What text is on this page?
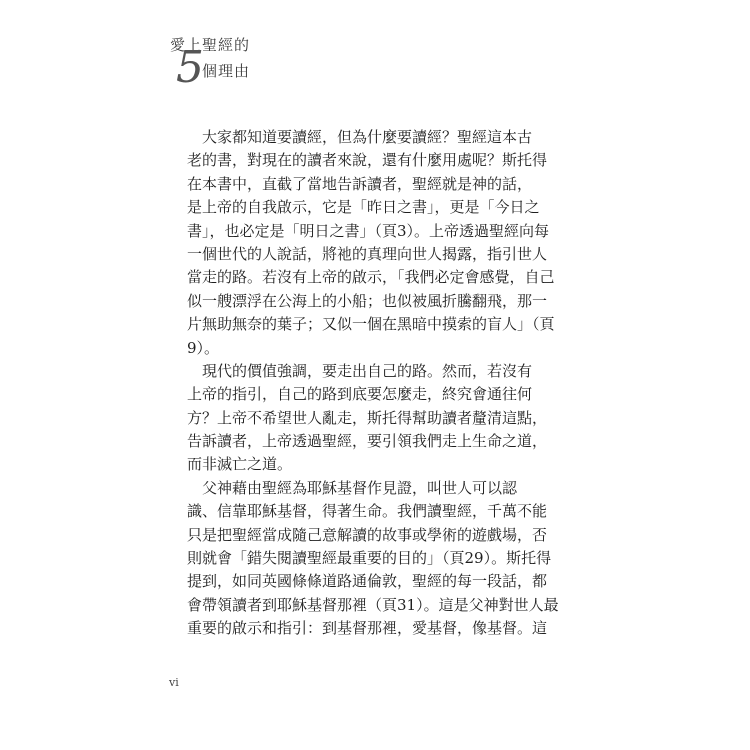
愛上聖經的
5
個理由
　大家都知道要讀經，但為什麼要讀經？聖經這本古
老的書，對現在的讀者來說，還有什麼用處呢？斯托得
在本書中，直截了當地告訴讀者，聖經就是神的話，
是上帝的自我啟示，它是「昨日之書」，更是「今日之
書」，也必定是「明日之書」（頁3）。上帝透過聖經向每
一個世代的人說話，將祂的真理向世人揭露，指引世人
當走的路。若沒有上帝的啟示，「我們必定會感覺，自己
似一艘漂浮在公海上的小船；也似被風折騰翻飛，那一
片無助無奈的葉子；又似一個在黑暗中摸索的盲人」（頁
9）。
　現代的價值強調，要走出自己的路。然而，若沒有
上帝的指引，自己的路到底要怎麼走，終究會通往何
方？上帝不希望世人亂走，斯托得幫助讀者釐清這點，
告訴讀者，上帝透過聖經，要引領我們走上生命之道，
而非滅亡之道。
　父神藉由聖經為耶穌基督作見證，叫世人可以認
識、信靠耶穌基督，得著生命。我們讀聖經，千萬不能
只是把聖經當成隨己意解讀的故事或學術的遊戲場，否
則就會「錯失閱讀聖經最重要的目的」（頁29）。斯托得
提到，如同英國條條道路通倫敦，聖經的每一段話，都
會帶領讀者到耶穌基督那裡（頁31）。這是父神對世人最
重要的啟示和指引：到基督那裡，愛基督，像基督。這
vi
